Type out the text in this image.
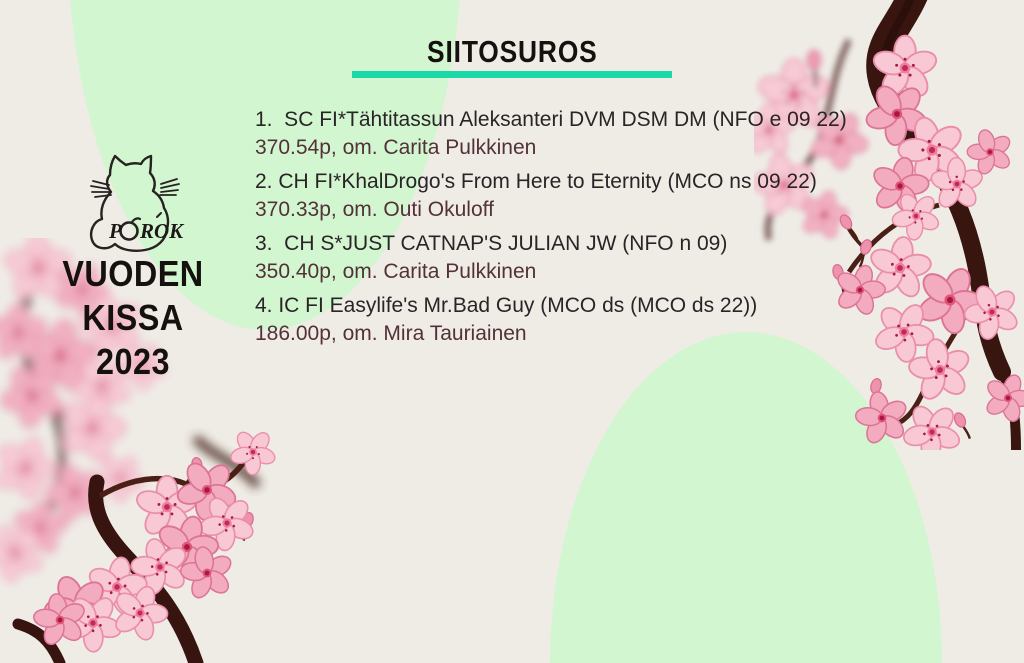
SIITOSUROS
P ROK
VUODEN
KISSA
2023

1.  SC FI*Tähtitassun Aleksanteri DVM DSM DM (NFO e 09 22)

370.54p, om. Carita Pulkkinen

2. CH FI*KhalDrogo's From Here to Eternity (MCO ns 09 22)

370.33p, om. Outi Okuloff

3.  CH S*JUST CATNAP'S JULIAN JW (NFO n 09)

350.40p, om. Carita Pulkkinen

4. IC FI Easylife's Mr.Bad Guy (MCO ds (MCO ds 22))

186.00p, om. Mira Tauriainen
